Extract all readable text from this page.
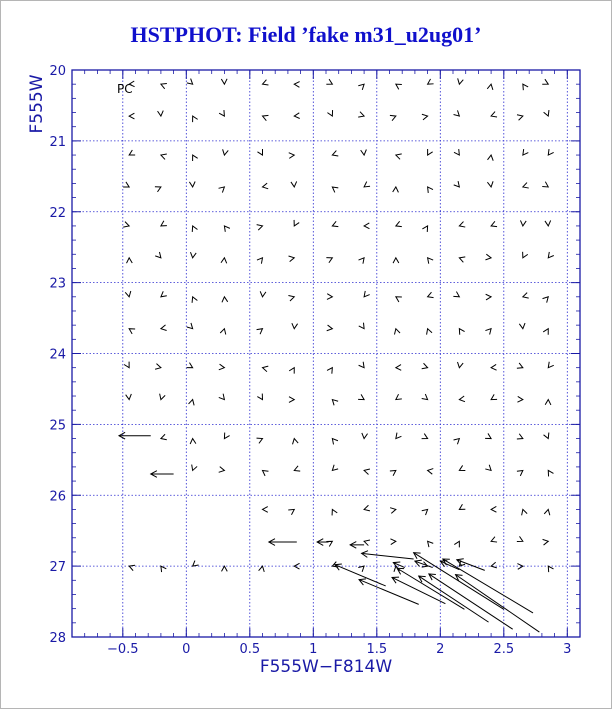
HSTPHOT: Field ’fake m31_u2ug01’
−0.5	0	0.5	1	1.5	2	2.5	3
20
21
22
23
24
25
26
27
28
PC
F555W−F814W
F555W
